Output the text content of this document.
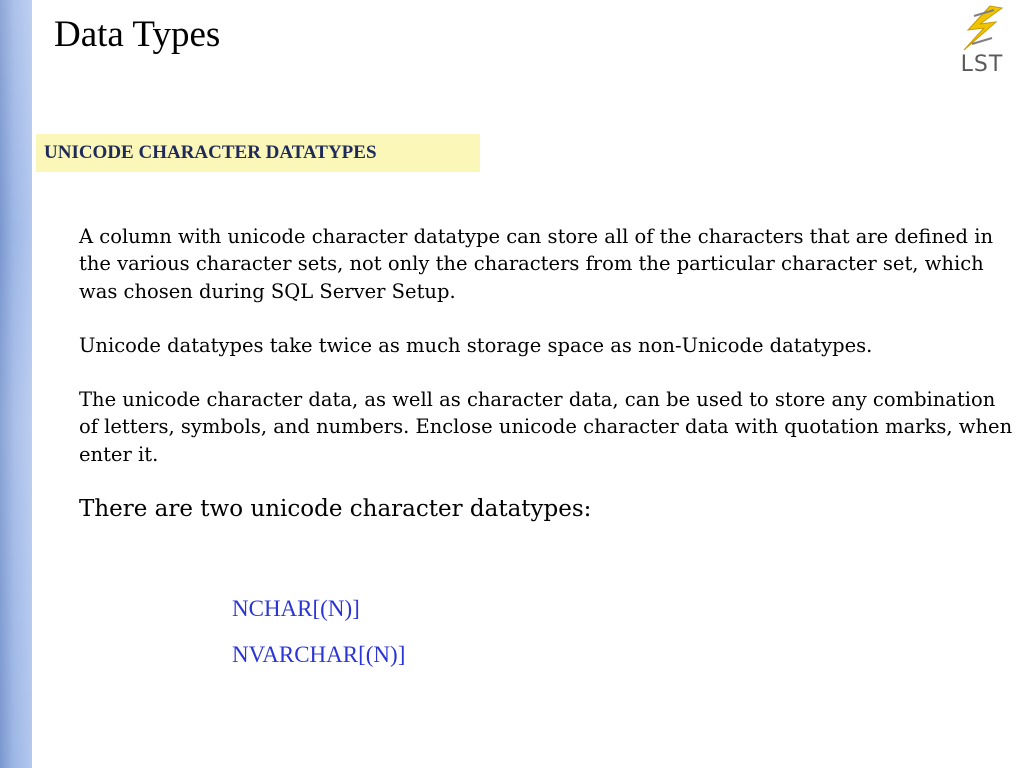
Data Types
LST
UNICODE CHARACTER DATATYPES
A column with unicode character datatype can store all of the characters that are defined in the various character sets, not only the characters from the particular character set, which was chosen during SQL Server Setup.
Unicode datatypes take twice as much storage space as non-Unicode datatypes.
The unicode character data, as well as character data, can be used to store any combination of letters, symbols, and numbers. Enclose unicode character data with quotation marks, when enter it.
There are two unicode character datatypes:
NCHAR[(N)]
NVARCHAR[(N)]
